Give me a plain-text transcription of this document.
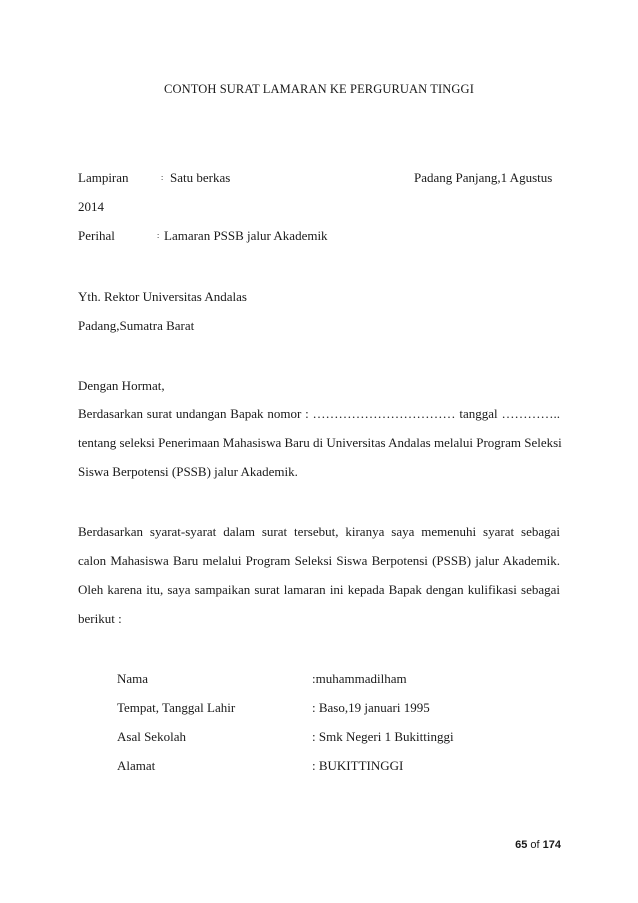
CONTOH SURAT LAMARAN KE PERGURUAN TINGGI
Lampiran	: Satu berkas	Padang Panjang,1 Agustus
2014
Perihal	: Lamaran PSSB jalur Akademik
Yth. Rektor Universitas Andalas
Padang,Sumatra Barat
Dengan Hormat,
Berdasarkan surat undangan Bapak nomor : …………………………… tanggal …………..
tentang seleksi Penerimaan Mahasiswa Baru di Universitas Andalas melalui Program Seleksi
Siswa Berpotensi (PSSB) jalur Akademik.
Berdasarkan syarat-syarat dalam surat tersebut, kiranya saya memenuhi syarat sebagai
calon Mahasiswa Baru melalui Program Seleksi Siswa Berpotensi (PSSB) jalur Akademik.
Oleh karena itu, saya sampaikan surat lamaran ini kepada Bapak dengan kulifikasi sebagai
berikut :
Nama	:muhammadilham
Tempat, Tanggal Lahir	: Baso,19 januari 1995
Asal Sekolah	: Smk Negeri 1 Bukittinggi
Alamat	: BUKITTINGGI
65 of 174
